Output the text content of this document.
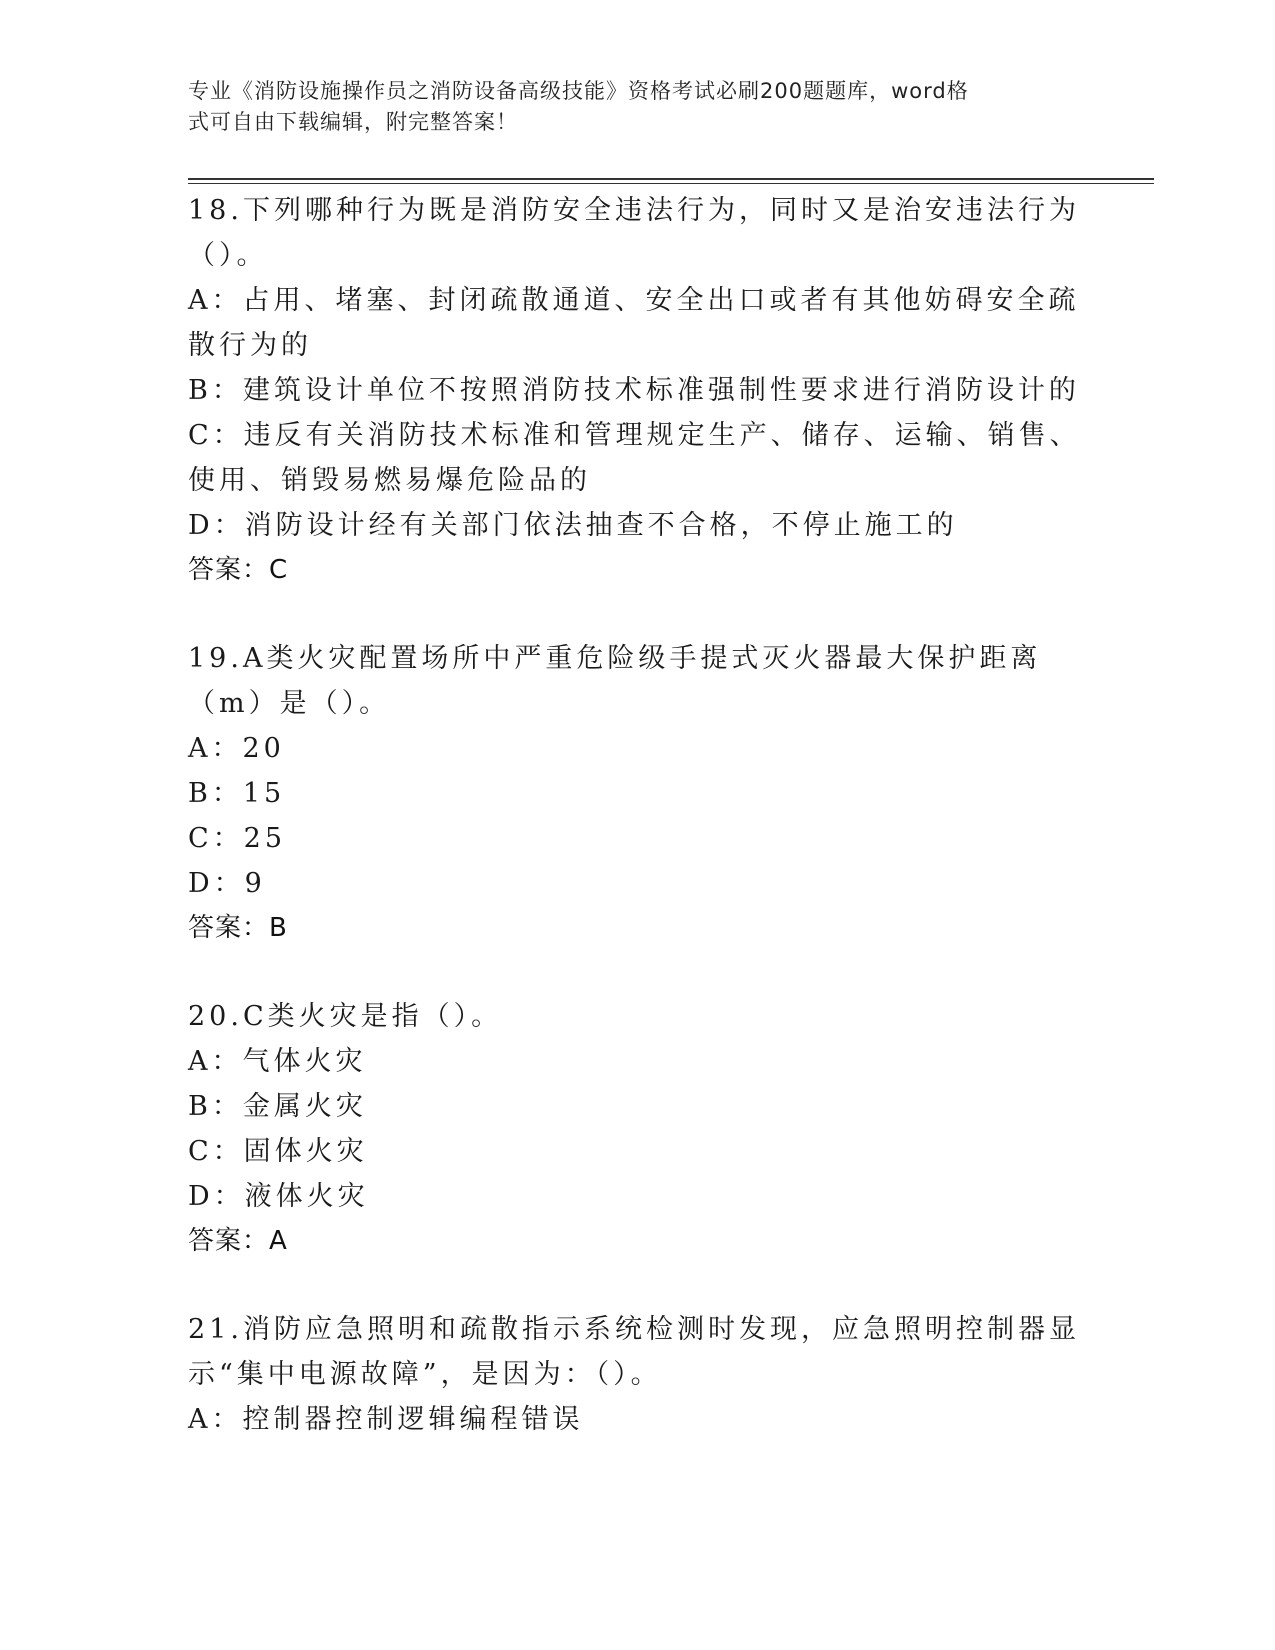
专业《消防设施操作员之消防设备高级技能》资格考试必刷200题题库，word格
式可自由下载编辑，附完整答案！

18.下列哪种行为既是消防安全违法行为，同时又是治安违法行为（）。

A：占用、堵塞、封闭疏散通道、安全出口或者有其他妨碍安全疏散行为的

B：建筑设计单位不按照消防技术标准强制性要求进行消防设计的

C：违反有关消防技术标准和管理规定生产、储存、运输、销售、使用、销毁易燃易爆危险品的

D：消防设计经有关部门依法抽查不合格，不停止施工的

答案：C

19.A类火灾配置场所中严重危险级手提式灭火器最大保护距离（m）是（）。

A：20

B：15

C：25

D：9

答案：B

20.C类火灾是指（）。

A：气体火灾

B：金属火灾

C：固体火灾

D：液体火灾

答案：A

21.消防应急照明和疏散指示系统检测时发现，应急照明控制器显示“集中电源故障”，是因为：（）。

A：控制器控制逻辑编程错误
